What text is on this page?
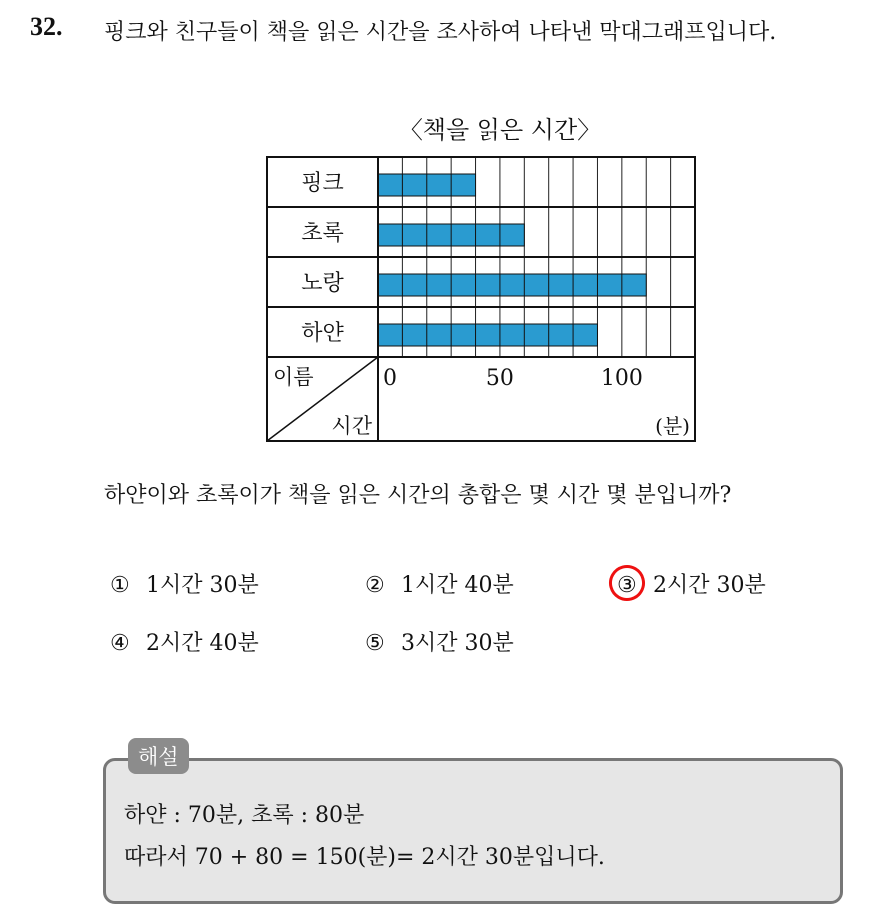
32. 핑크와 친구들이 책을 읽은 시간을 조사하여 나타낸 막대그래프입니다.
〈책을 읽은 시간〉
핑크
초록
노랑
하얀
이름
시간
0	50	100
(분)
하얀이와 초록이가 책을 읽은 시간의 총합은 몇 시간 몇 분입니까?
① 1시간 30분	② 1시간 40분	③ 2시간 30분
④ 2시간 40분	⑤ 3시간 30분
해설
하얀 : 70분, 초록 : 80분
따라서 70 + 80 = 150(분)= 2시간 30분입니다.
